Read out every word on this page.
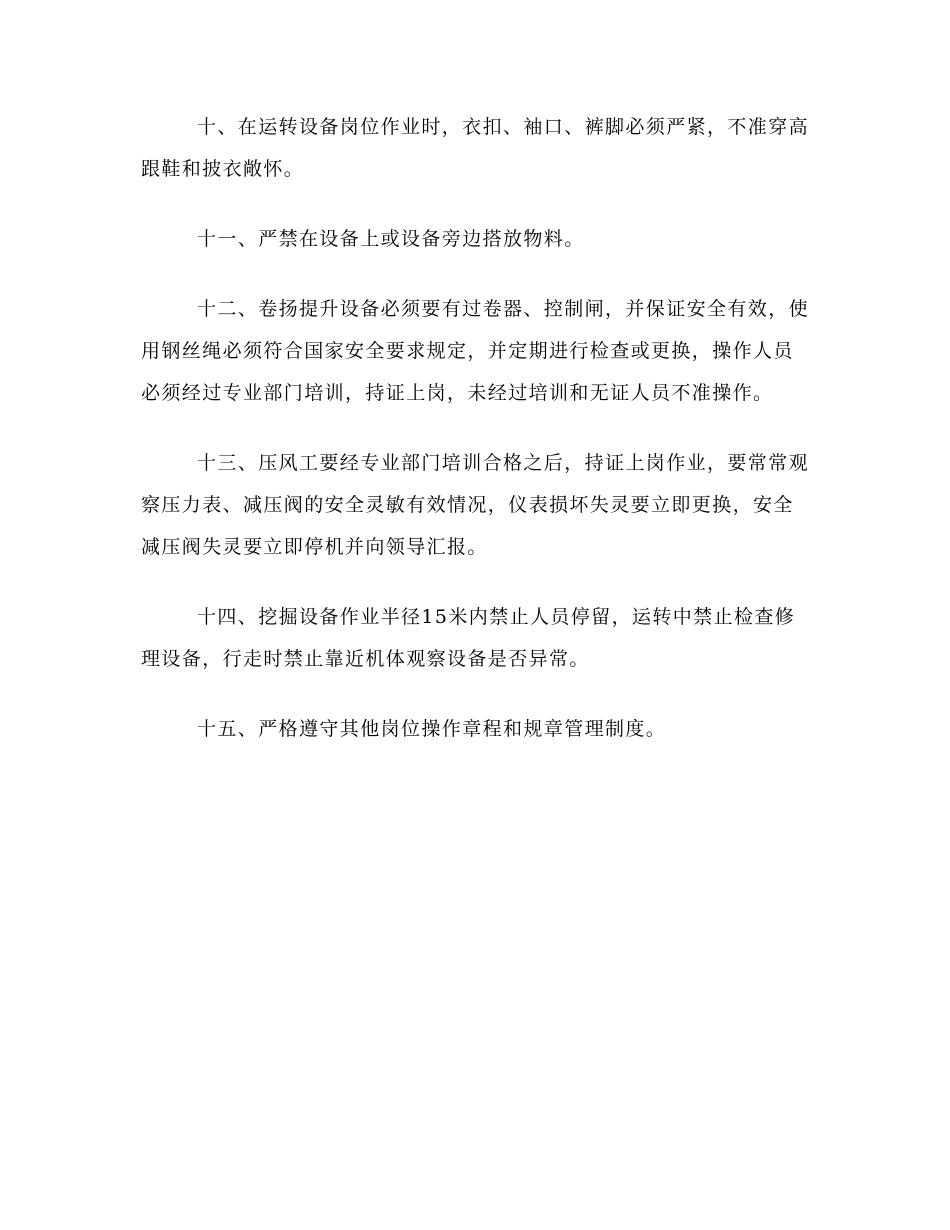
十、在运转设备岗位作业时，衣扣、袖口、裤脚必须严紧，不准穿高跟鞋和披衣敞怀。

十一、严禁在设备上或设备旁边搭放物料。

十二、卷扬提升设备必须要有过卷器、控制闸，并保证安全有效，使用钢丝绳必须符合国家安全要求规定，并定期进行检查或更换，操作人员必须经过专业部门培训，持证上岗，未经过培训和无证人员不准操作。

十三、压风工要经专业部门培训合格之后，持证上岗作业，要常常观察压力表、减压阀的安全灵敏有效情况，仪表损坏失灵要立即更换，安全减压阀失灵要立即停机并向领导汇报。

十四、挖掘设备作业半径15米内禁止人员停留，运转中禁止检查修理设备，行走时禁止靠近机体观察设备是否异常。

十五、严格遵守其他岗位操作章程和规章管理制度。
